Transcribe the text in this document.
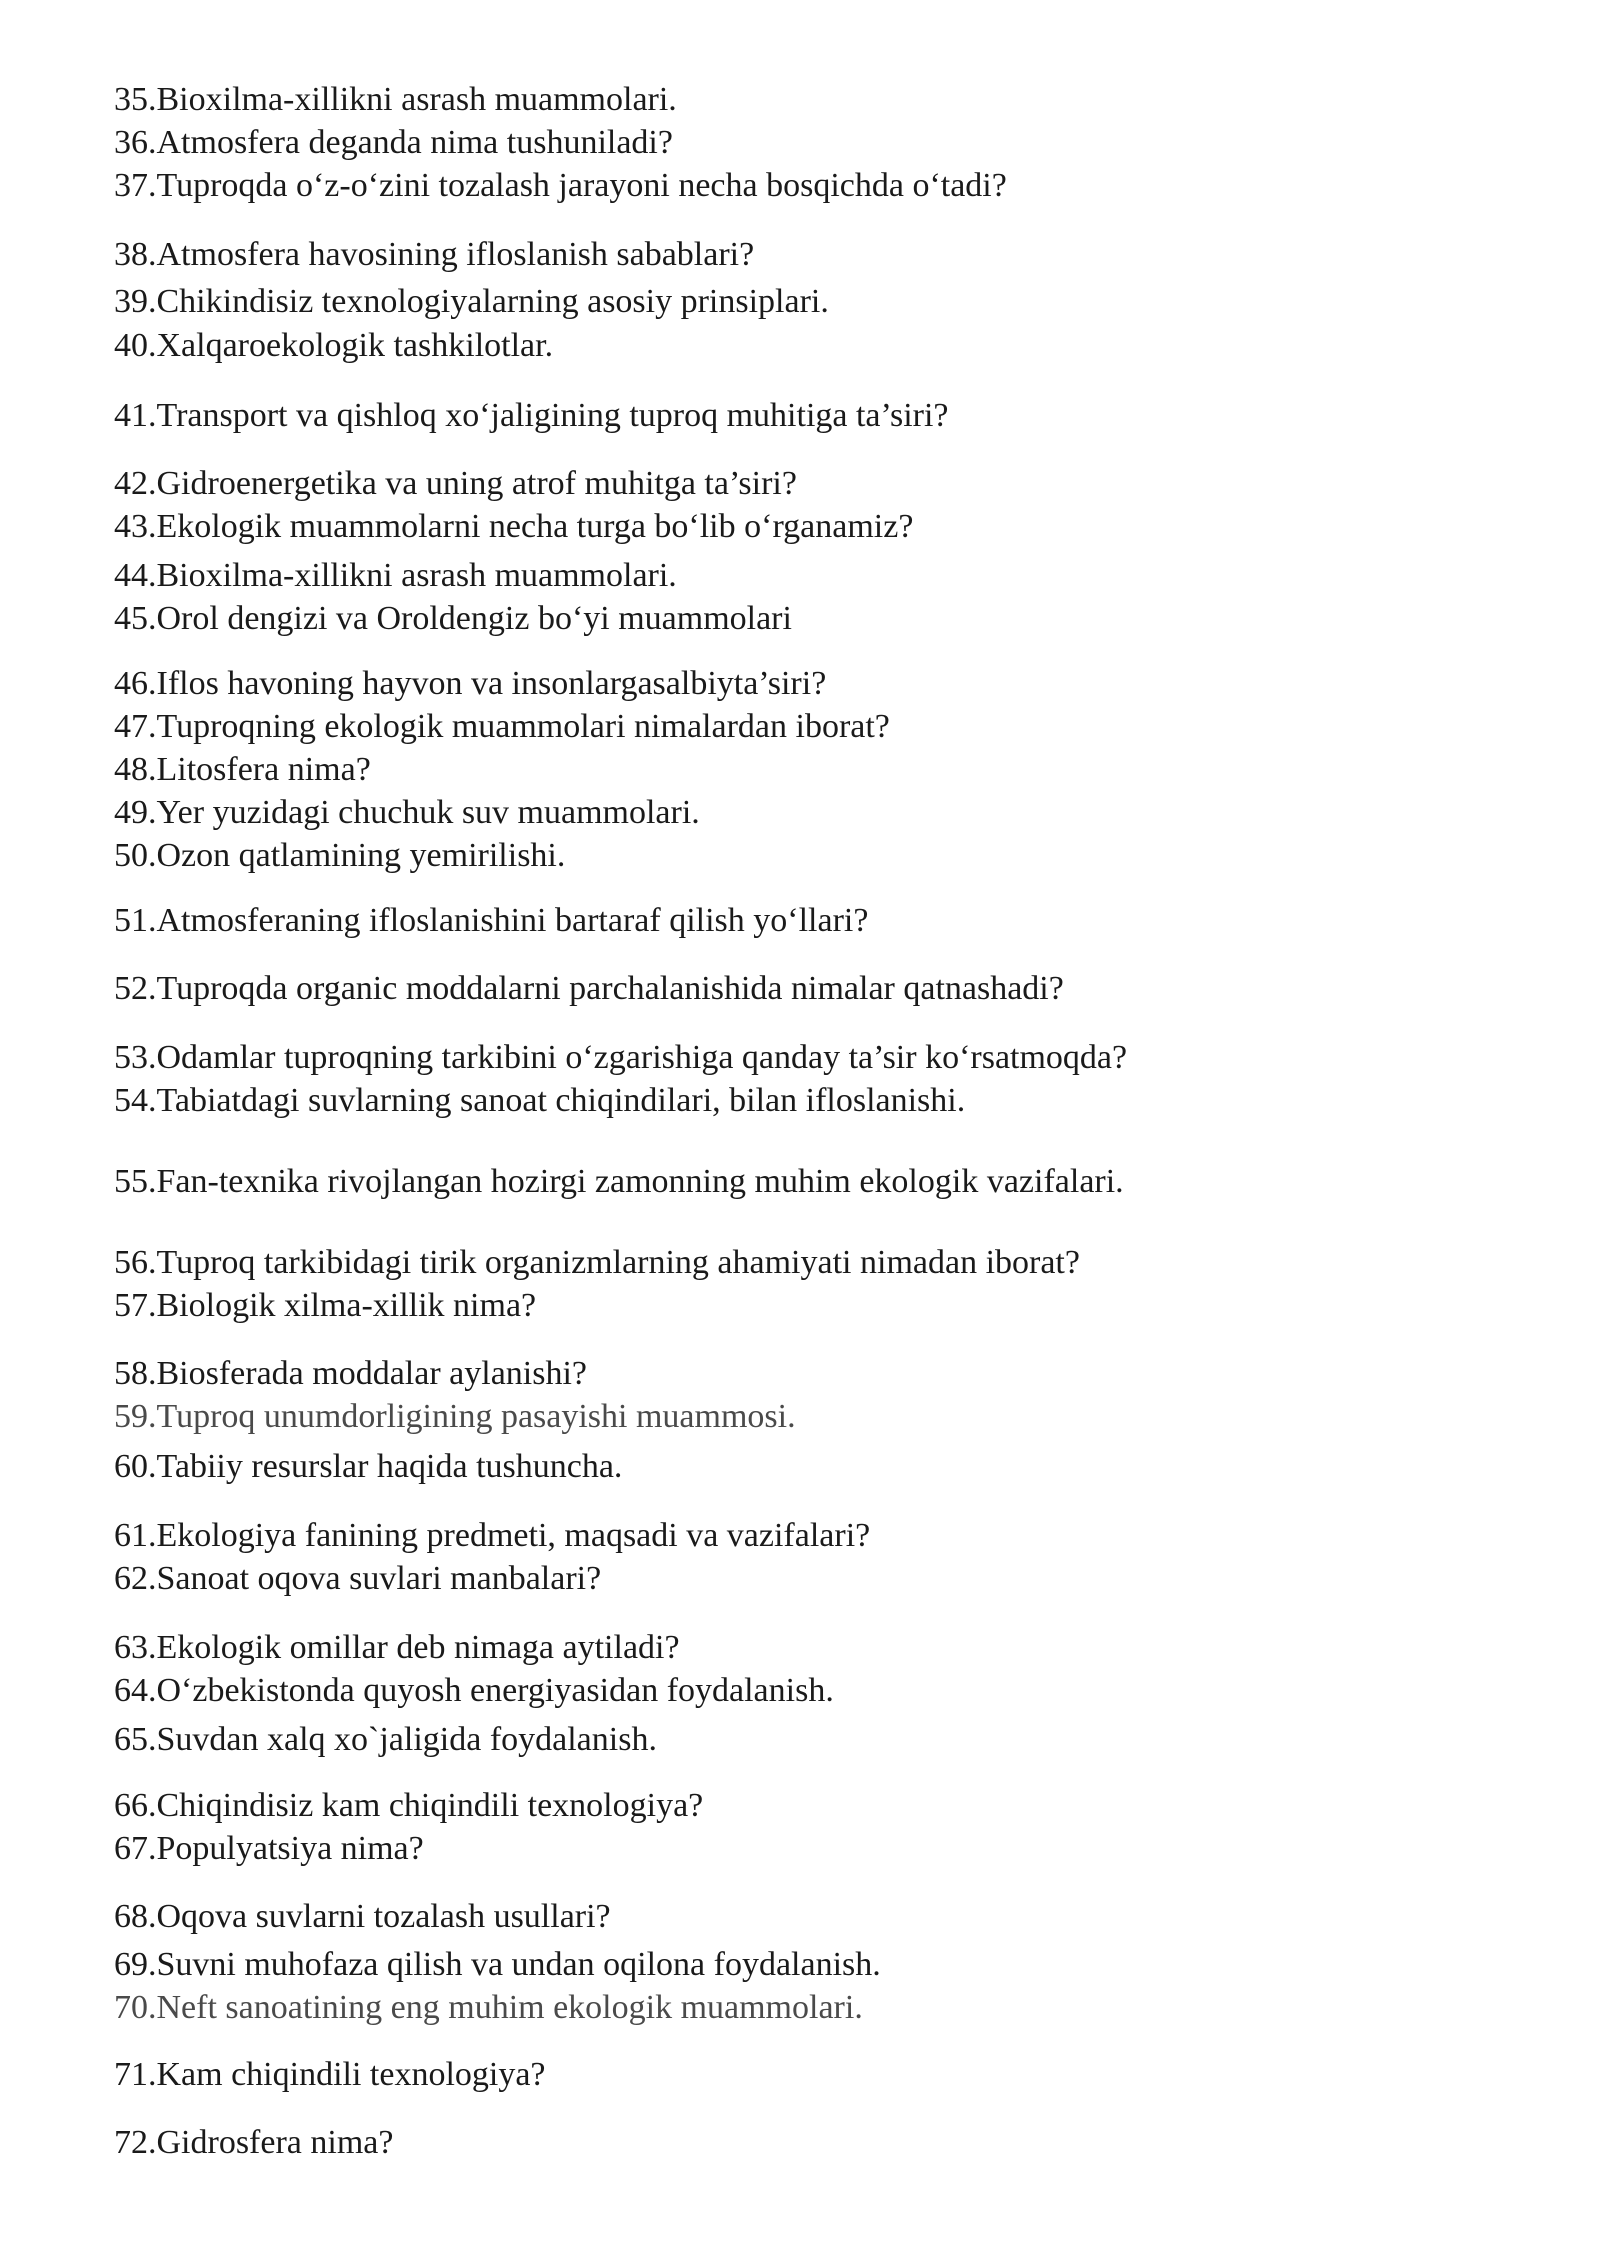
35.Bioxilma-xillikni asrash muammolari.
36.Atmosfera deganda nima tushuniladi?
37.Tuproqda o‘z-o‘zini tozalash jarayoni necha bosqichda o‘tadi?
38.Atmosfera havosining ifloslanish sabablari?
39.Chikindisiz texnologiyalarning asosiy prinsiplari.
40.Xalqaroekologik tashkilotlar.
41.Transport va qishloq xo‘jaligining tuproq muhitiga ta’siri?
42.Gidroenergetika va uning atrof muhitga ta’siri?
43.Ekologik muammolarni necha turga bo‘lib o‘rganamiz?
44.Bioxilma-xillikni asrash muammolari.
45.Orol dengizi va Oroldengiz bo‘yi muammolari
46.Iflos havoning hayvon va insonlargasalbiyta’siri?
47.Tuproqning ekologik muammolari nimalardan iborat?
48.Litosfera nima?
49.Yer yuzidagi chuchuk suv muammolari.
50.Ozon qatlamining yemirilishi.
51.Atmosferaning ifloslanishini bartaraf qilish yo‘llari?
52.Tuproqda organic moddalarni parchalanishida nimalar qatnashadi?
53.Odamlar tuproqning tarkibini o‘zgarishiga qanday ta’sir ko‘rsatmoqda?
54.Tabiatdagi suvlarning sanoat chiqindilari, bilan ifloslanishi.
55.Fan-texnika rivojlangan hozirgi zamonning muhim ekologik vazifalari.
56.Tuproq tarkibidagi tirik organizmlarning ahamiyati nimadan iborat?
57.Biologik xilma-xillik nima?
58.Biosferada moddalar aylanishi?
59.Tuproq unumdorligining pasayishi muammosi.
60.Tabiiy resurslar haqida tushuncha.
61.Ekologiya fanining predmeti, maqsadi va vazifalari?
62.Sanoat oqova suvlari manbalari?
63.Ekologik omillar deb nimaga aytiladi?
64.O‘zbekistonda quyosh energiyasidan foydalanish.
65.Suvdan xalq xo`jaligida foydalanish.
66.Chiqindisiz kam chiqindili texnologiya?
67.Populyatsiya nima?
68.Oqova suvlarni tozalash usullari?
69.Suvni muhofaza qilish va undan oqilona foydalanish.
70.Neft sanoatining eng muhim ekologik muammolari.
71.Kam chiqindili texnologiya?
72.Gidrosfera nima?
